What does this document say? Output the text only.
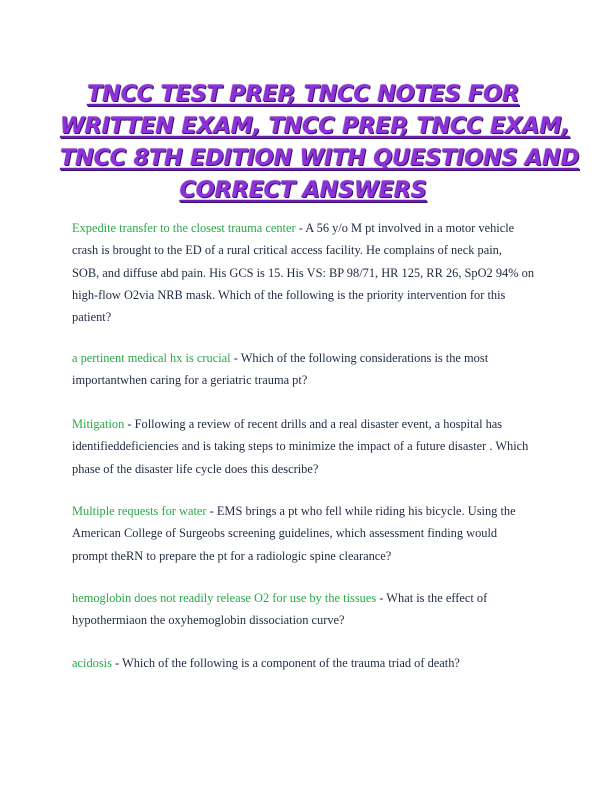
TNCC TEST PREP, TNCC NOTES FOR
WRITTEN EXAM, TNCC PREP, TNCC EXAM,
TNCC 8TH EDITION WITH QUESTIONS AND
CORRECT ANSWERS
Expedite transfer to the closest trauma center - A 56 y/o M pt involved in a motor vehicle
crash is brought to the ED of a rural critical access facility. He complains of neck pain,
SOB, and diffuse abd pain. His GCS is 15. His VS: BP 98/71, HR 125, RR 26, SpO2 94% on
high-flow O2via NRB mask. Which of the following is the priority intervention for this
patient?
a pertinent medical hx is crucial - Which of the following considerations is the most
importantwhen caring for a geriatric trauma pt?
Mitigation - Following a review of recent drills and a real disaster event, a hospital has
identifieddeficiencies and is taking steps to minimize the impact of a future disaster . Which
phase of the disaster life cycle does this describe?
Multiple requests for water - EMS brings a pt who fell while riding his bicycle. Using the
American College of Surgeobs screening guidelines, which assessment finding would
prompt theRN to prepare the pt for a radiologic spine clearance?
hemoglobin does not readily release O2 for use by the tissues - What is the effect of
hypothermiaon the oxyhemoglobin dissociation curve?
acidosis - Which of the following is a component of the trauma triad of death?
